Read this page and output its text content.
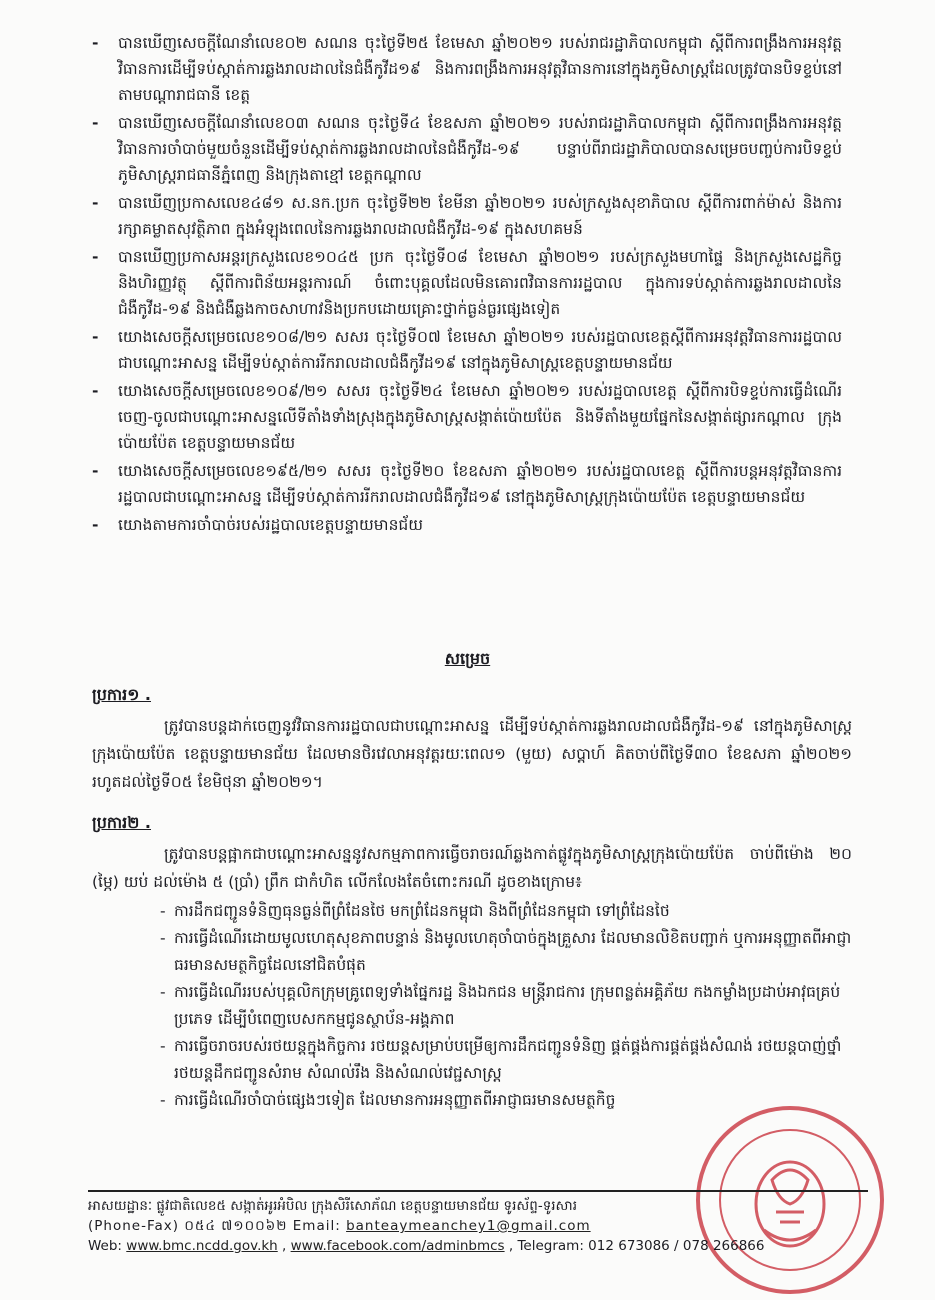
-	បានឃើញសេចក្តីណែនាំលេខ០២ សណន ចុះថ្ងៃទី២៥ ខែមេសា ឆ្នាំ២០២១ របស់រាជរដ្ឋាភិបាលកម្ពុជា ស្តីពីការពង្រឹងការអនុវត្តវិធានការដើម្បីទប់ស្កាត់ការឆ្លងរាលដាលនៃជំងឺកូវីដ១៩ និងការពង្រឹងការអនុវត្តវិធានការនៅក្នុងភូមិសាស្ត្រដែលត្រូវបានបិទខ្ទប់នៅតាមបណ្តារាជធានី ខេត្ត
-	បានឃើញសេចក្តីណែនាំលេខ០៣ សណន ចុះថ្ងៃទី៤ ខែឧសភា ឆ្នាំ២០២១ របស់រាជរដ្ឋាភិបាលកម្ពុជា ស្តីពីការពង្រឹងការអនុវត្តវិធានការចាំបាច់មួយចំនួនដើម្បីទប់ស្កាត់ការឆ្លងរាលដាលនៃជំងឺកូវីដ-១៩ បន្ទាប់ពីរាជរដ្ឋាភិបាលបានសម្រេចបញ្ចប់ការបិទខ្ទប់ភូមិសាស្ត្ររាជធានីភ្នំពេញ និងក្រុងតាខ្មៅ ខេត្តកណ្តាល
-	បានឃើញប្រកាសលេខ៤៨១ ស.នក.ប្រក ចុះថ្ងៃទី២២ ខែមីនា ឆ្នាំ២០២១ របស់ក្រសួងសុខាភិបាល ស្តីពីការពាក់ម៉ាស់ និងការរក្សាគម្លាតសុវត្ថិភាព ក្នុងអំឡុងពេលនៃការឆ្លងរាលដាលជំងឺកូវីដ-១៩ ក្នុងសហគមន៍
-	បានឃើញប្រកាសអន្តរក្រសួងលេខ១០៤៥ ប្រក ចុះថ្ងៃទី០៨ ខែមេសា ឆ្នាំ២០២១ របស់ក្រសួងមហាផ្ទៃ និងក្រសួងសេដ្ឋកិច្ច និងហិរញ្ញវត្ថុ ស្តីពីការពិន័យអន្តរការណ៍ ចំពោះបុគ្គលដែលមិនគោរពវិធានការរដ្ឋបាល ក្នុងការទប់ស្កាត់ការឆ្លងរាលដាលនៃជំងឺកូវីដ-១៩ និងជំងឺឆ្លងកាចសាហាវនិងប្រកបដោយគ្រោះថ្នាក់ធ្ងន់ធ្ងរផ្សេងទៀត
-	យោងសេចក្តីសម្រេចលេខ១០៨/២១ សសរ ចុះថ្ងៃទី០៧ ខែមេសា ឆ្នាំ២០២១ របស់រដ្ឋបាលខេត្តស្តីពីការអនុវត្តវិធានការរដ្ឋបាលជាបណ្តោះអាសន្ន ដើម្បីទប់ស្កាត់ការរីករាលដាលជំងឺកូវីដ១៩ នៅក្នុងភូមិសាស្ត្រខេត្តបន្ទាយមានជ័យ
-	យោងសេចក្តីសម្រេចលេខ១០៩/២១ សសរ ចុះថ្ងៃទី២៤ ខែមេសា ឆ្នាំ២០២១ របស់រដ្ឋបាលខេត្ត ស្តីពីការបិទខ្ទប់ការធ្វើដំណើរចេញ-ចូលជាបណ្តោះអាសន្នលើទីតាំងទាំងស្រុងក្នុងភូមិសាស្ត្រសង្កាត់ប៉ោយប៉ែត និងទីតាំងមួយផ្នែកនៃសង្កាត់ផ្សារកណ្តាល ក្រុងប៉ោយប៉ែត ខេត្តបន្ទាយមានជ័យ
-	យោងសេចក្តីសម្រេចលេខ១៩៥/២១ សសរ ចុះថ្ងៃទី២០ ខែឧសភា ឆ្នាំ២០២១ របស់រដ្ឋបាលខេត្ត ស្តីពីការបន្តអនុវត្តវិធានការរដ្ឋបាលជាបណ្តោះអាសន្ន ដើម្បីទប់ស្កាត់ការរីករាលដាលជំងឺកូវីដ១៩ នៅក្នុងភូមិសាស្ត្រក្រុងប៉ោយប៉ែត ខេត្តបន្ទាយមានជ័យ
-	យោងតាមការចាំបាច់របស់រដ្ឋបាលខេត្តបន្ទាយមានជ័យ
សម្រេច
ប្រការ១ .
ត្រូវបានបន្តដាក់ចេញនូវវិធានការរដ្ឋបាលជាបណ្តោះអាសន្ន ដើម្បីទប់ស្កាត់ការឆ្លងរាលដាលជំងឺកូវីដ-១៩ នៅក្នុងភូមិសាស្ត្រក្រុងប៉ោយប៉ែត ខេត្តបន្ទាយមានជ័យ ដែលមានថិរវេលាអនុវត្តរយៈពេល១ (មួយ) សប្តាហ៍ គិតចាប់ពីថ្ងៃទី៣០ ខែឧសភា ឆ្នាំ២០២១ រហូតដល់ថ្ងៃទី០៥ ខែមិថុនា ឆ្នាំ២០២១។
ប្រការ២ .
ត្រូវបានបន្តផ្អាកជាបណ្តោះអាសន្ននូវសកម្មភាពការធ្វើចរាចរណ៍ឆ្លងកាត់ផ្លូវក្នុងភូមិសាស្ត្រក្រុងប៉ោយប៉ែត ចាប់ពីម៉ោង ២០ (ម្ភៃ) យប់ ដល់ម៉ោង ៥ (ប្រាំ) ព្រឹក ជាកំហិត លើកលែងតែចំពោះករណី ដូចខាងក្រោម៖
- ការដឹកជញ្ជូនទំនិញធុនធ្ងន់ពីព្រំដែនថៃ មកព្រំដែនកម្ពុជា និងពីព្រំដែនកម្ពុជា ទៅព្រំដែនថៃ
- ការធ្វើដំណើរដោយមូលហេតុសុខភាពបន្ទាន់ និងមូលហេតុចាំបាច់ក្នុងគ្រួសារ ដែលមានលិខិតបញ្ជាក់ ឬការអនុញ្ញាតពីអាជ្ញាធរមានសមត្ថកិច្ចដែលនៅជិតបំផុត
- ការធ្វើដំណើររបស់បុគ្គលិកក្រុមគ្រូពេទ្យទាំងផ្នែករដ្ឋ និងឯកជន មន្ត្រីរាជការ ក្រុមពន្លត់អគ្គិភ័យ កងកម្លាំងប្រដាប់អាវុធគ្រប់ប្រភេទ ដើម្បីបំពេញបេសកកម្មជូនស្ថាប័ន-អង្គភាព
- ការធ្វើចរាចរបស់រថយន្តក្នុងកិច្ចការ រថយន្តសម្រាប់បម្រើឲ្យការដឹកជញ្ជូនទំនិញ ផ្គត់ផ្គង់ការផ្គត់ផ្គង់សំណង់ រថយន្តបាញ់ថ្នាំ រថយន្តដឹកជញ្ជូនសំរាម សំណល់រឹង និងសំណល់វេជ្ជសាស្ត្រ
- ការធ្វើដំណើរចាំបាច់ផ្សេងៗទៀត ដែលមានការអនុញ្ញាតពីអាជ្ញាធរមានសមត្ថកិច្ច
អាសយដ្ឋានៈ ផ្លូវជាតិលេខ៥ សង្កាត់អូរអំបិល ក្រុងសិរីសោភ័ណ ខេត្តបន្ទាយមានជ័យ ទូរស័ព្ទ-ទូរសារ
(Phone-Fax) ០៥៤ ៧១០០៦២ Email: banteaymeanchey1@gmail.com
Web: www.bmc.ncdd.gov.kh , www.facebook.com/adminbmcs , Telegram: 012 673086 / 078 266866
